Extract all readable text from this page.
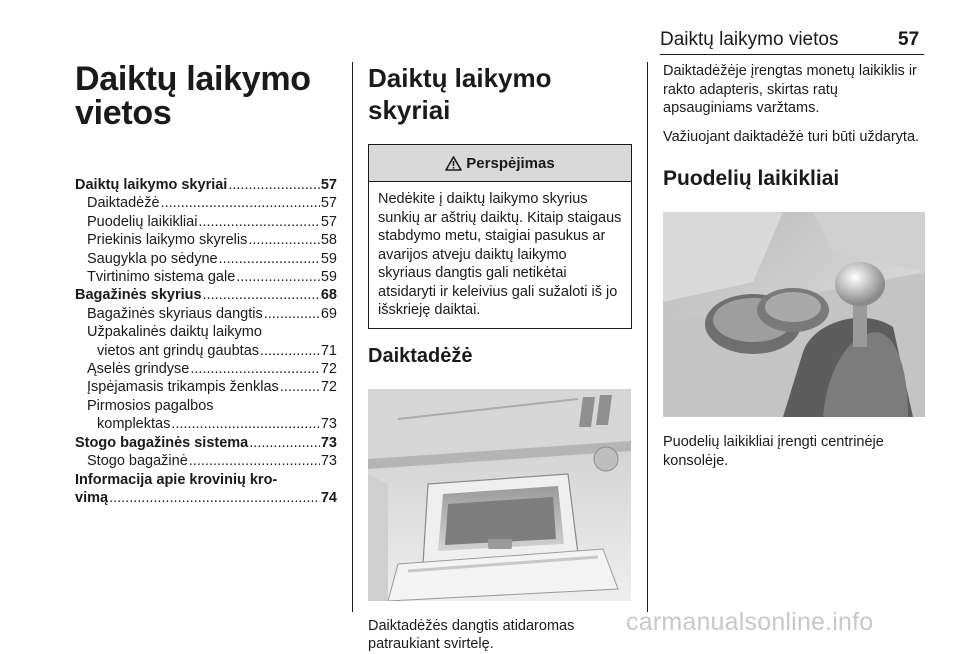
Daiktų laikymo vietos	57
Daiktų laikymo
vietos
Daiktų laikymo skyriai .....	57
Daiktadėžė .....	57
Puodelių laikikliai .....	57
Priekinis laikymo skyrelis .....	58
Saugykla po sėdyne .....	59
Tvirtinimo sistema gale .....	59
Bagažinės skyrius .....	68
Bagažinės skyriaus dangtis .....	69
Užpakalinės daiktų laikymo
vietos ant grindų gaubtas .....	71
Ąselės grindyse .....	72
Įspėjamasis trikampis ženklas .....	72
Pirmosios pagalbos
komplektas .....	73
Stogo bagažinės sistema .....	73
Stogo bagažinė .....	73
Informacija apie krovinių kro-
vimą .....	74
Daiktų laikymo skyriai
Perspėjimas
Nedėkite į daiktų laikymo skyrius sunkių ar aštrių daiktų. Kitaip staigaus stabdymo metu, staigiai pasukus ar avarijos atveju daiktų laikymo skyriaus dangtis gali netikėtai atsidaryti ir keleivius gali sužaloti iš jo išskrieję daiktai.
Daiktadėžė
Daiktadėžės dangtis atidaromas patraukiant svirtelę.

Daiktadėžėje įrengtas monetų laikiklis ir rakto adapteris, skirtas ratų apsauginiams varžtams.

Važiuojant daiktadėžė turi būti uždaryta.

Puodelių laikikliai
Puodelių laikikliai įrengti centrinėje konsolėje.
carmanualsonline.info
